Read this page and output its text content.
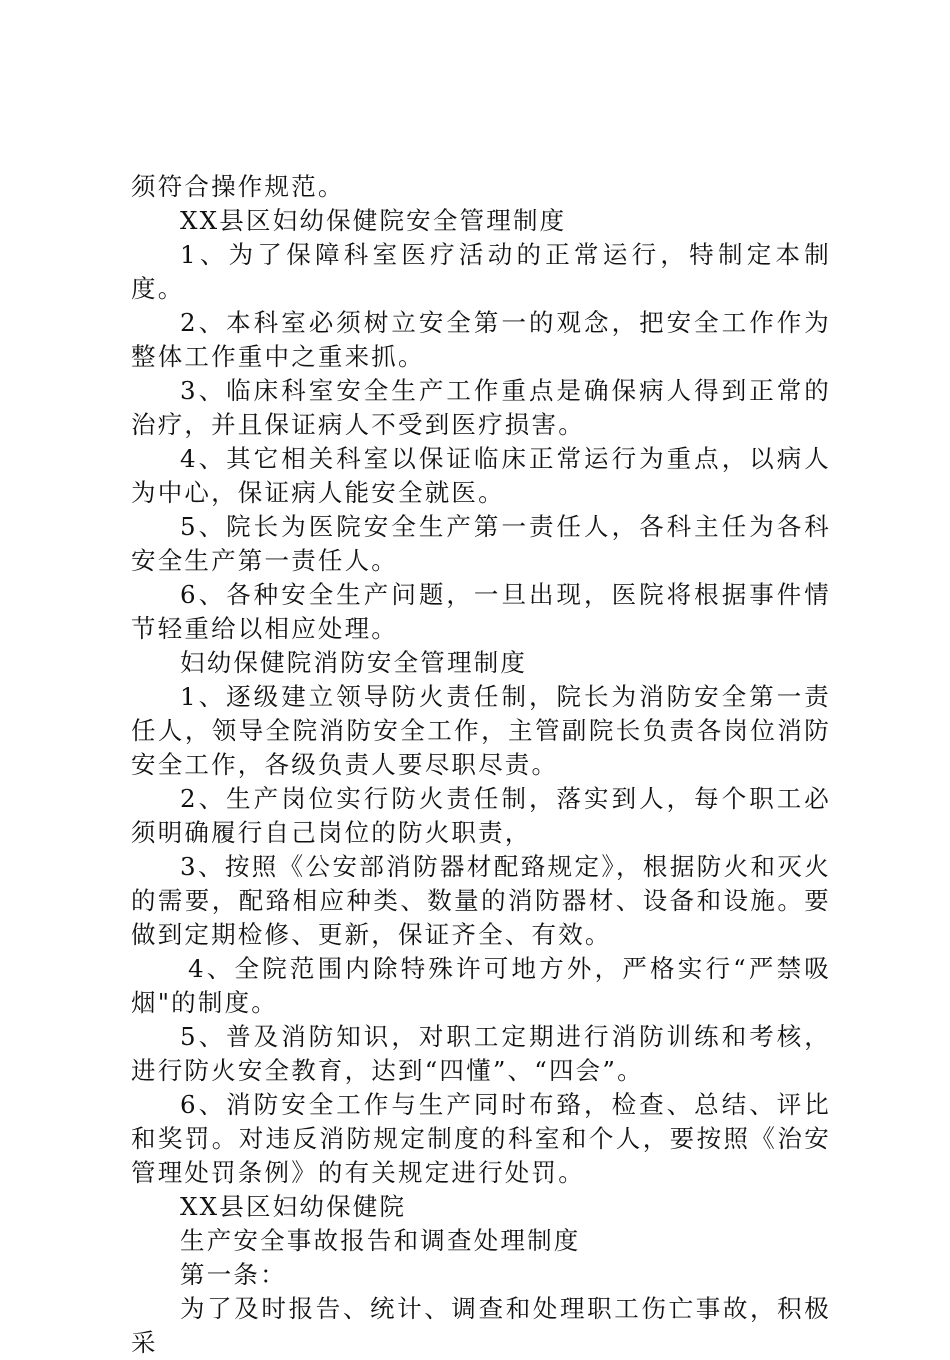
须符合操作规范。

XX县区妇幼保健院安全管理制度

1、为了保障科室医疗活动的正常运行，特制定本制度。

2、本科室必须树立安全第一的观念，把安全工作作为整体工作重中之重来抓。

3、临床科室安全生产工作重点是确保病人得到正常的治疗，并且保证病人不受到医疗损害。

4、其它相关科室以保证临床正常运行为重点，以病人为中心，保证病人能安全就医。

5、院长为医院安全生产第一责任人，各科主任为各科安全生产第一责任人。

6、各种安全生产问题，一旦出现，医院将根据事件情节轻重给以相应处理。

妇幼保健院消防安全管理制度

1、逐级建立领导防火责任制，院长为消防安全第一责任人，领导全院消防安全工作，主管副院长负责各岗位消防安全工作，各级负责人要尽职尽责。

2、生产岗位实行防火责任制，落实到人，每个职工必须明确履行自己岗位的防火职责，

3、按照《公安部消防器材配臵规定》，根据防火和灭火的需要，配臵相应种类、数量的消防器材、设备和设施。要做到定期检修、更新，保证齐全、有效。

4、全院范围内除特殊许可地方外，严格实行“严禁吸烟"的制度。

5、普及消防知识，对职工定期进行消防训练和考核，进行防火安全教育，达到“四懂”、“四会”。

6、消防安全工作与生产同时布臵，检查、总结、评比和奖罚。对违反消防规定制度的科室和个人，要按照《治安管理处罚条例》的有关规定进行处罚。

XX县区妇幼保健院

生产安全事故报告和调查处理制度

第一条：

为了及时报告、统计、调查和处理职工伤亡事故，积极采
